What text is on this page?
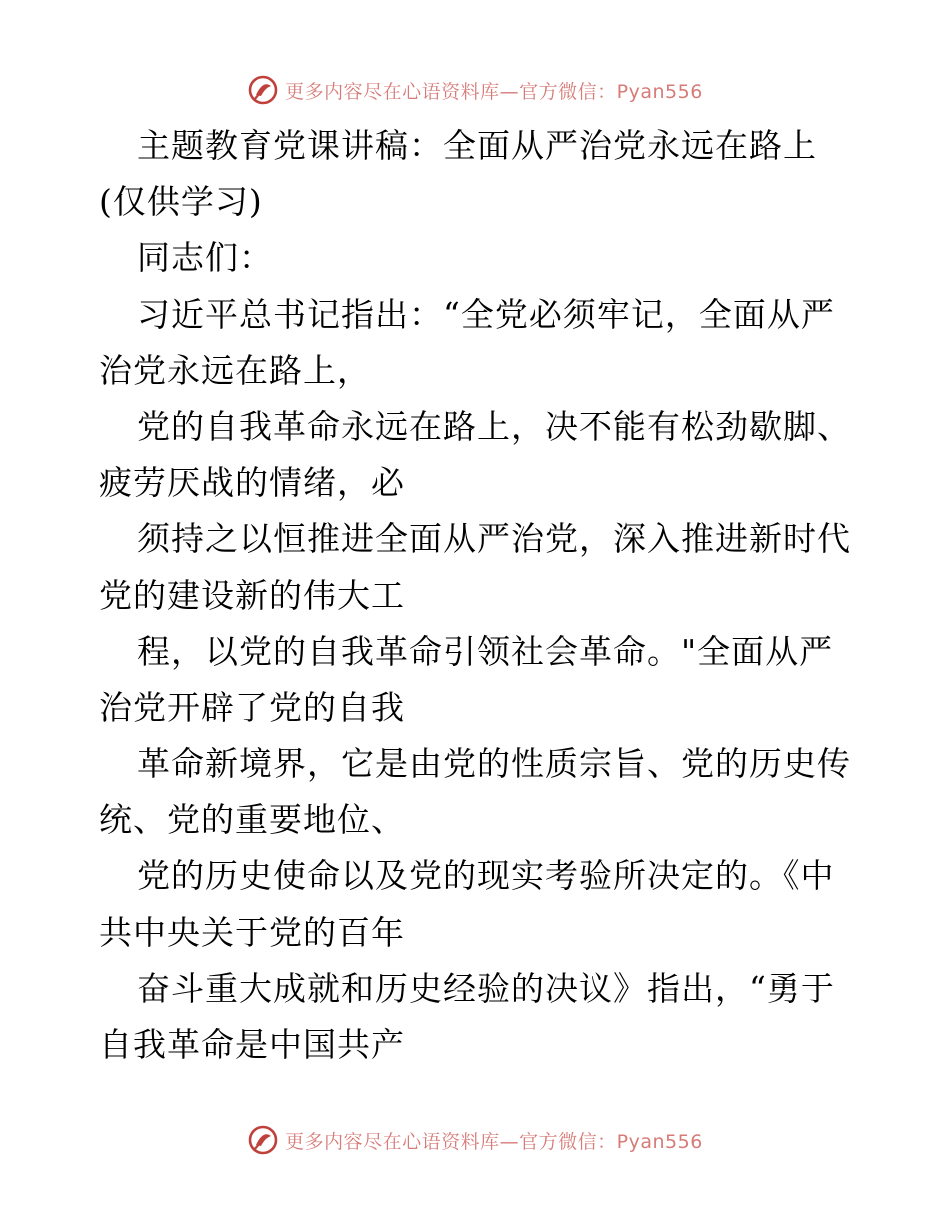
更多内容尽在心语资料库—官方微信：Pyan556
主题教育党课讲稿：全面从严治党永远在路上
(仅供学习)
同志们：
习近平总书记指出：“全党必须牢记，全面从严
治党永远在路上，
党的自我革命永远在路上，决不能有松劲歇脚、
疲劳厌战的情绪，必
须持之以恒推进全面从严治党，深入推进新时代
党的建设新的伟大工
程，以党的自我革命引领社会革命。"全面从严
治党开辟了党的自我
革命新境界，它是由党的性质宗旨、党的历史传
统、党的重要地位、
党的历史使命以及党的现实考验所决定的。《中
共中央关于党的百年
奋斗重大成就和历史经验的决议》指出，“勇于
自我革命是中国共产
更多内容尽在心语资料库—官方微信：Pyan556
